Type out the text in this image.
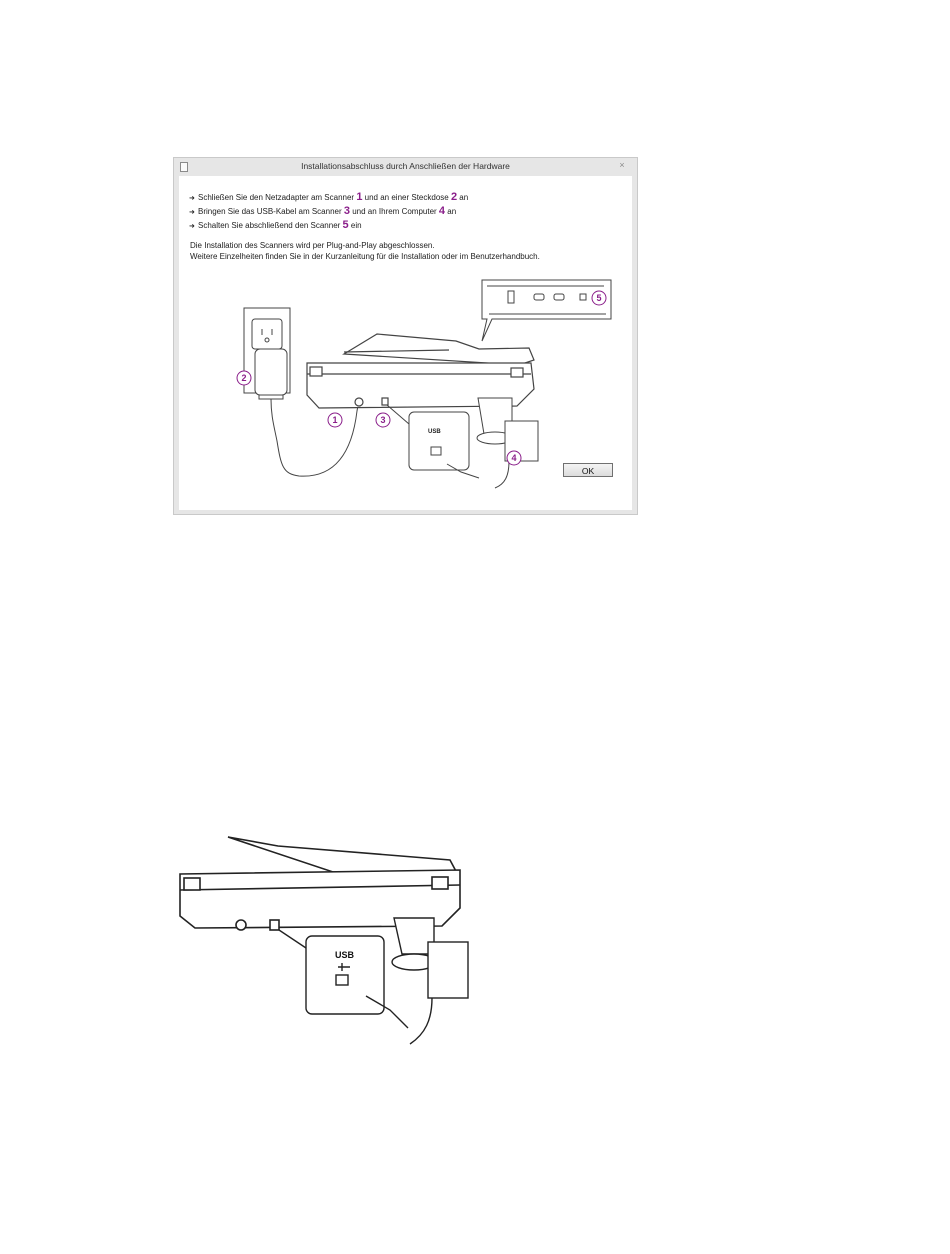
Installationsabschluss durch Anschließen der Hardware	×
➜ Schließen Sie den Netzadapter am Scanner 1 und an einer Steckdose 2 an
➜ Bringen Sie das USB-Kabel am Scanner 3 und an Ihrem Computer 4 an
➜ Schalten Sie abschließend den Scanner 5 ein
Die Installation des Scanners wird per Plug-and-Play abgeschlossen.
Weitere Einzelheiten finden Sie in der Kurzanleitung für die Installation oder im Benutzerhandbuch.
USB
1
2
3
4
5
OK
USB
